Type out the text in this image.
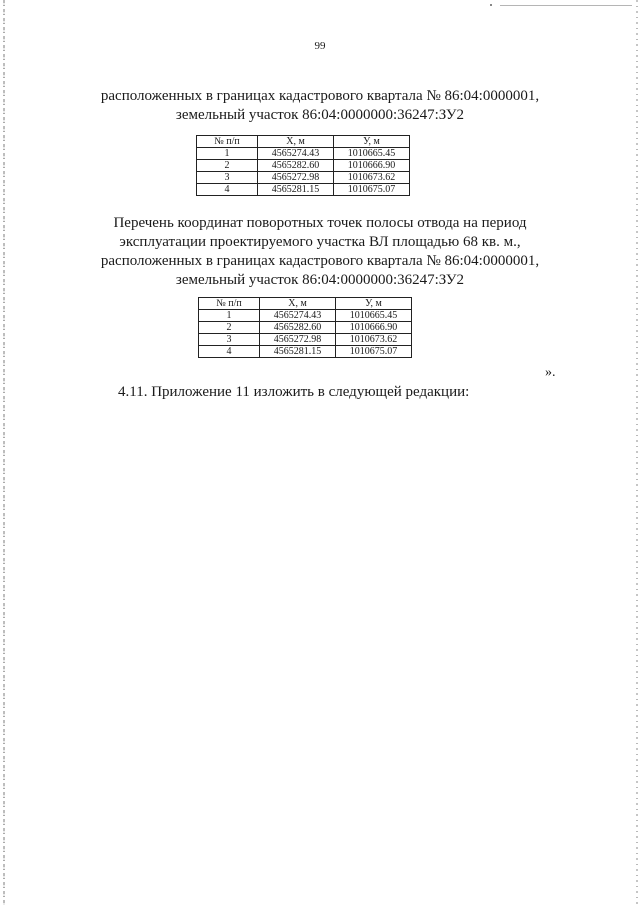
99
расположенных в границах кадастрового квартала № 86:04:0000001,
земельный участок 86:04:0000000:36247:ЗУ2
№ п/п	Х, м	У, м
1	4565274.43	1010665.45
2	4565282.60	1010666.90
3	4565272.98	1010673.62
4	4565281.15	1010675.07
Перечень координат поворотных точек полосы отвода на период
эксплуатации проектируемого участка ВЛ площадью 68 кв. м.,
расположенных в границах кадастрового квартала № 86:04:0000001,
земельный участок 86:04:0000000:36247:ЗУ2
№ п/п	Х, м	У, м
1	4565274.43	1010665.45
2	4565282.60	1010666.90
3	4565272.98	1010673.62
4	4565281.15	1010675.07
».
4.11. Приложение 11 изложить в следующей редакции:
